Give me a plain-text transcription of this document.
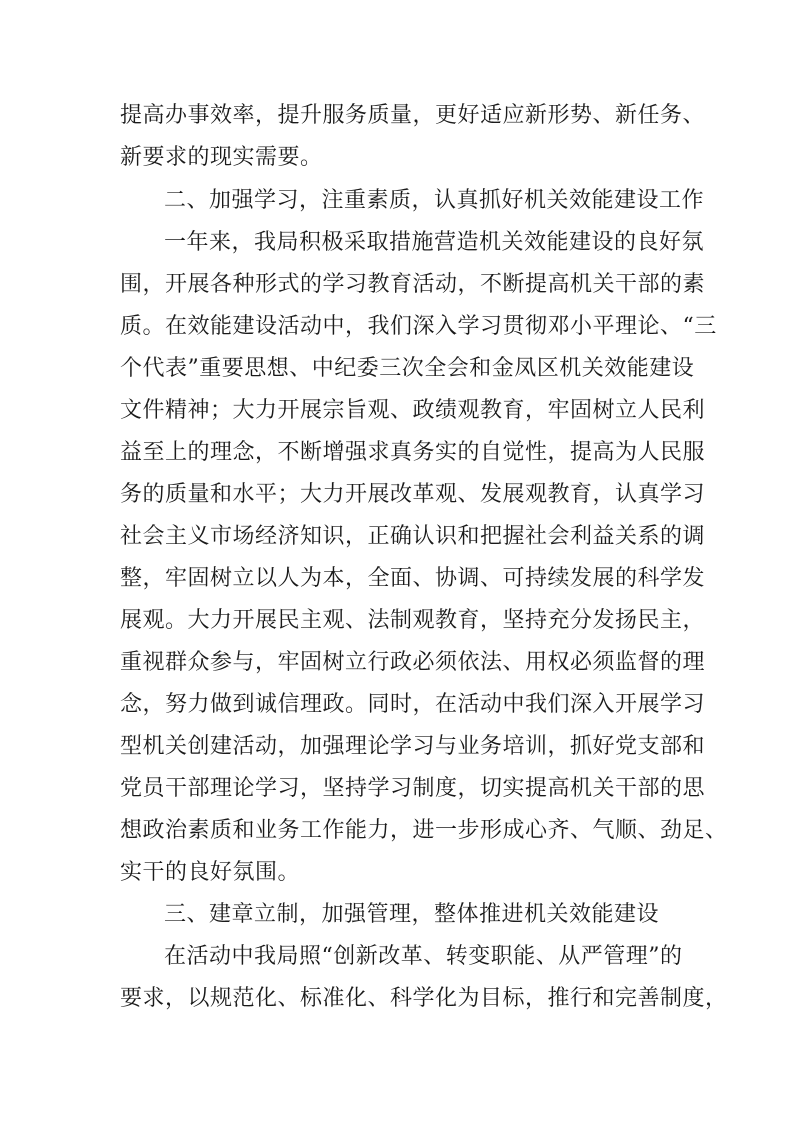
提高办事效率，提升服务质量，更好适应新形势、新任务、
新要求的现实需要。
二、加强学习，注重素质，认真抓好机关效能建设工作
一年来，我局积极采取措施营造机关效能建设的良好氛
围，开展各种形式的学习教育活动，不断提高机关干部的素
质。在效能建设活动中，我们深入学习贯彻邓小平理论、“三
个代表”重要思想、中纪委三次全会和金凤区机关效能建设
文件精神；大力开展宗旨观、政绩观教育，牢固树立人民利
益至上的理念，不断增强求真务实的自觉性，提高为人民服
务的质量和水平；大力开展改革观、发展观教育，认真学习
社会主义市场经济知识，正确认识和把握社会利益关系的调
整，牢固树立以人为本，全面、协调、可持续发展的科学发
展观。大力开展民主观、法制观教育，坚持充分发扬民主，
重视群众参与，牢固树立行政必须依法、用权必须监督的理
念，努力做到诚信理政。同时，在活动中我们深入开展学习
型机关创建活动，加强理论学习与业务培训，抓好党支部和
党员干部理论学习，坚持学习制度，切实提高机关干部的思
想政治素质和业务工作能力，进一步形成心齐、气顺、劲足、
实干的良好氛围。
三、建章立制，加强管理，整体推进机关效能建设
在活动中我局照“创新改革、转变职能、从严管理”的
要求，以规范化、标准化、科学化为目标，推行和完善制度，
